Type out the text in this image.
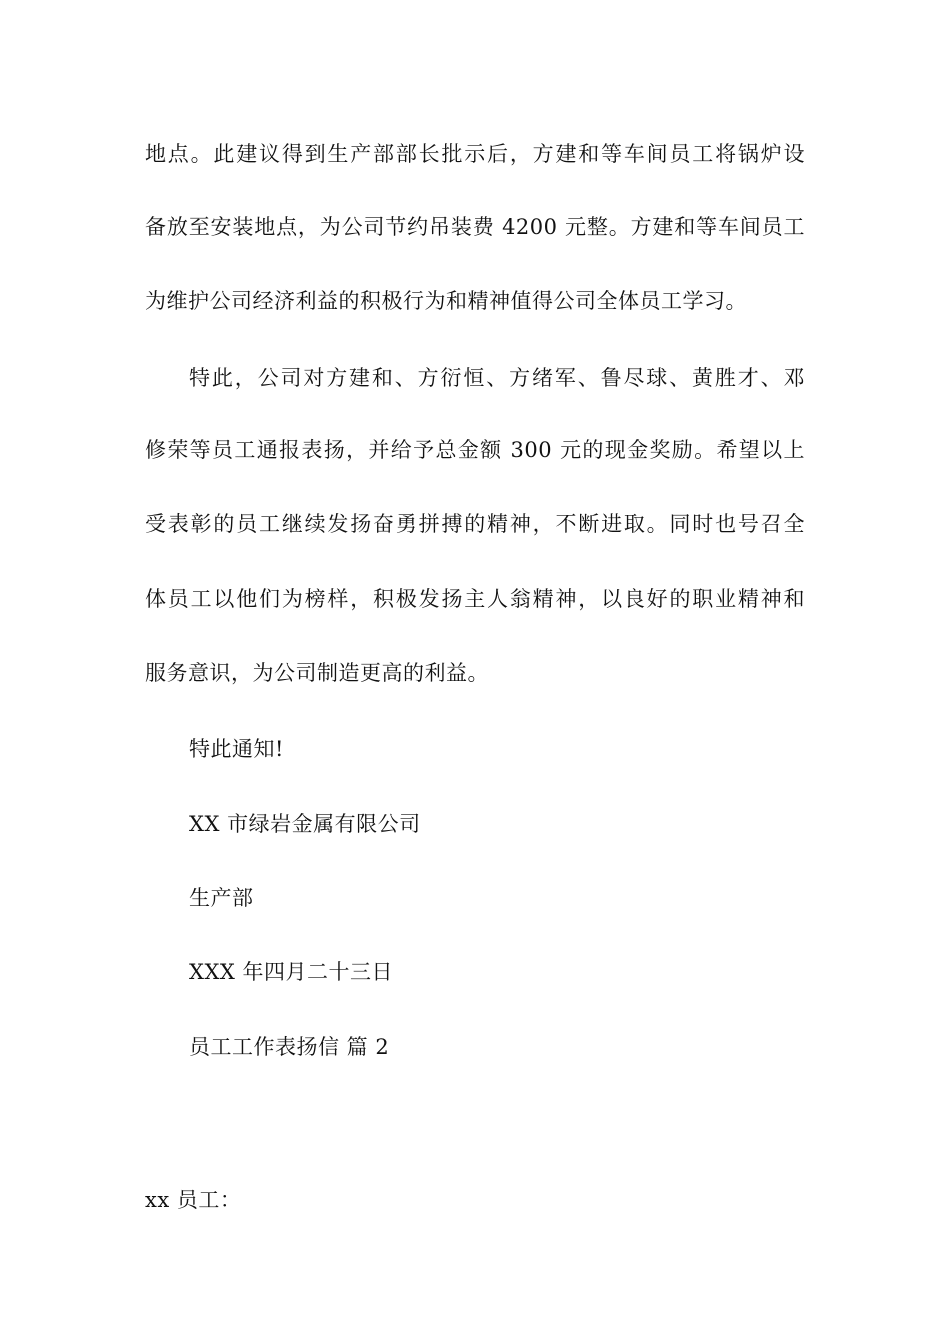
地点。此建议得到生产部部长批示后，方建和等车间员工将锅炉设
备放至安装地点，为公司节约吊装费 4200 元整。方建和等车间员工
为维护公司经济利益的积极行为和精神值得公司全体员工学习。
特此，公司对方建和、方衍恒、方绪军、鲁尽球、黄胜才、邓
修荣等员工通报表扬，并给予总金额 300 元的现金奖励。希望以上
受表彰的员工继续发扬奋勇拼搏的精神，不断进取。同时也号召全
体员工以他们为榜样，积极发扬主人翁精神，以良好的职业精神和
服务意识，为公司制造更高的利益。
特此通知!
XX 市绿岩金属有限公司
生产部
XXX 年四月二十三日
员工工作表扬信 篇 2
xx 员工：
